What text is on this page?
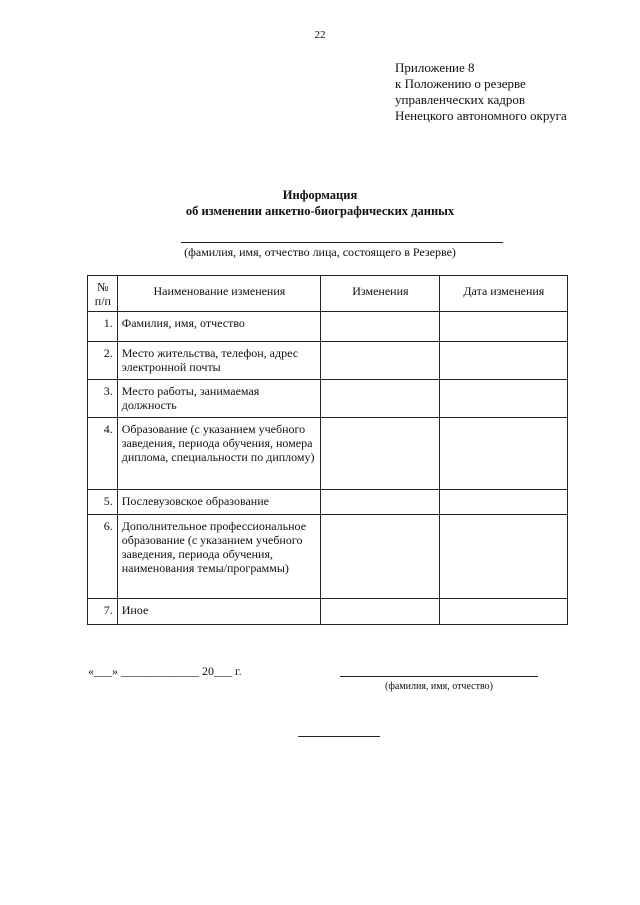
22
Приложение 8
к Положению о резерве
управленческих кадров
Ненецкого автономного округа
Информация
об изменении анкетно-биографических данных
(фамилия, имя, отчество лица, состоящего в Резерве)
№
п/п	Наименование изменения	Изменения	Дата изменения
1.	Фамилия, имя, отчество		
2.	Место жительства, телефон, адрес электронной почты		
3.	Место работы, занимаемая должность		
4.	Образование (с указанием учебного заведения, периода обучения, номера диплома, специальности по диплому)		
5.	Послевузовское образование		
6.	Дополнительное профессиональное образование (с указанием учебного заведения, периода обучения, наименования темы/программы)		
7.	Иное		
«___» _____________ 20___ г.
(фамилия, имя, отчество)
